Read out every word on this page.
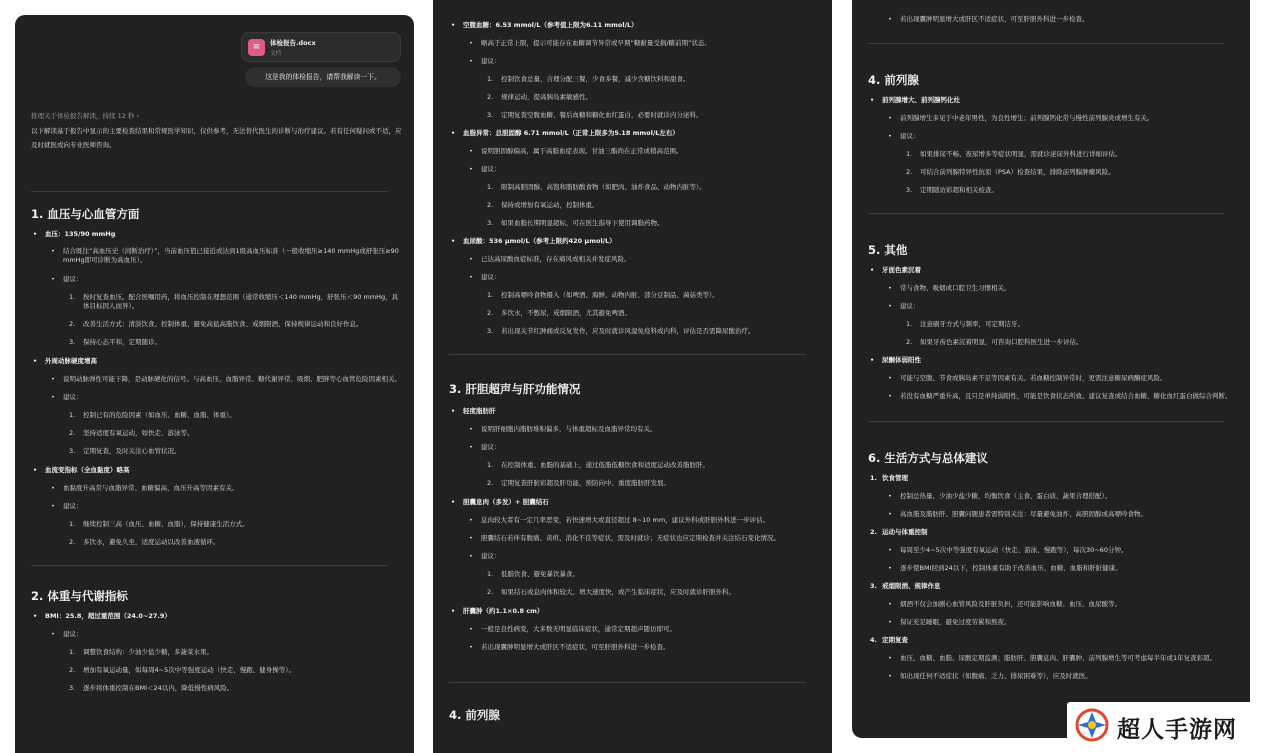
≡	体检报告.docx
文档
这是我的体检报告，请帮我解读一下。
推理关于体检报告解读，持续 12 秒 ›
以下解读基于报告中显示的主要检查结果和常规医学知识，仅供参考，无法替代医生的诊断与治疗建议。若有任何疑问或不适，应及时就医或向专业医师咨询。
1. 血压与心血管方面
• 血压：135/90 mmHg
• 结合既往“高血压史（间断治疗）”，当前血压值已接近或达到1级高血压标准（一般收缩压≥140 mmHg或舒张压≥90 mmHg即可诊断为高血压）。
• 建议：
1. 按时复查血压。配合医嘱用药，将血压控制在理想范围（通常收缩压＜140 mmHg，舒张压＜90 mmHg，具体目标因人而异）。
2. 改善生活方式：清淡饮食、控制体重、避免高盐高脂饮食、戒烟限酒、保持规律运动和良好作息。
3. 保持心态平和，定期随诊。
• 外周动脉硬度增高
• 说明动脉弹性可能下降，是动脉硬化的信号。与高血压、血脂异常、糖代谢异常、吸烟、肥胖等心血管危险因素相关。
• 建议：
1. 控制已有的危险因素（如血压、血糖、血脂、体重）。
2. 坚持适度有氧运动，如快走、游泳等。
3. 定期复查，及时关注心血管状况。
• 血流变指标（全血黏度）略高
• 血黏度升高常与血脂异常、血糖偏高、血压升高等因素有关。
• 建议：
1. 继续控制三高（血压、血糖、血脂），保持健康生活方式。
2. 多饮水，避免久坐，适度运动以改善血液循环。
2. 体重与代谢指标
• BMI：25.8，超过重范围（24.0~27.9）
• 建议：
1. 调整饮食结构：少油少盐少糖，多蔬菜水果。
2. 增加有氧运动量，如每周4~5次中等强度运动（快走、慢跑、健身操等）。
3. 逐步将体重控制在BMI＜24以内，降低慢性病风险。
• 空腹血糖：6.53 mmol/L（参考值上限为6.11 mmol/L）
• 略高于正常上限，提示可能存在血糖调节异常或早期“糖耐量受损/糖前期”状态。
• 建议：
1. 控制饮食总量、合理分配三餐，少食多餐，减少含糖饮料和甜食。
2. 规律运动，提高胰岛素敏感性。
3. 定期复查空腹血糖、餐后血糖和糖化血红蛋白，必要时就诊内分泌科。
• 血脂异常：总胆固醇 6.71 mmol/L（正常上限多为5.18 mmol/L左右）
• 说明胆固醇偏高，属于高脂血症表现。甘油三酯尚在正常或稍高范围。
• 建议：
1. 限制高胆固醇、高饱和脂肪酸食物（如肥肉、油炸食品、动物内脏等）。
2. 保持或增加有氧运动，控制体重。
3. 如果血脂长期明显超标，可在医生指导下使用调脂药物。
• 血尿酸：536 μmol/L（参考上限约420 μmol/L）
• 已达高尿酸血症标准，存在痛风或相关并发症风险。
• 建议：
1. 控制高嘌呤食物摄入（如啤酒、海鲜、动物内脏、部分豆制品、菌菇类等）。
2. 多饮水，不憋尿，戒烟限酒，尤其避免啤酒。
3. 若出现关节红肿痛或反复发作，应及时就诊风湿免疫科或内科，评估是否需降尿酸治疗。
3. 肝胆超声与肝功能情况
• 轻度脂肪肝
• 说明肝细胞内脂肪堆积偏多，与体重超标及血脂异常均有关。
• 建议：
1. 在控制体重、血脂的基础上，通过低脂低糖饮食和适度运动改善脂肪肝。
2. 定期复查肝脏彩超及肝功能，预防向中、重度脂肪肝发展。
• 胆囊息肉（多发）+ 胆囊结石
• 息肉较大者有一定几率恶变，若快速增大或直径超过 8~10 mm，建议外科或肝胆外科进一步评估。
• 胆囊结石若伴有腹痛、黄疸、消化不良等症状，需及时就诊；无症状也应定期检查并关注结石变化情况。
• 建议：
1. 低脂饮食、避免暴饮暴食。
2. 如果结石或息肉体积较大、增大速度快，或产生临床症状，应及时就诊肝胆外科。
• 肝囊肿（约1.1×0.8 cm）
• 一般是良性病变，大多数无明显临床症状，通常定期超声随访即可。
• 若出现囊肿明显增大或肝区不适症状，可至肝胆外科进一步检查。
4. 前列腺
• 若出现囊肿明显增大或肝区不适症状，可至肝胆外科进一步检查。
4. 前列腺
• 前列腺增大、前列腺钙化灶
• 前列腺增生多见于中老年男性，为良性增生；前列腺钙化常与慢性前列腺炎或增生有关。
• 建议：
1. 如果排尿不畅、夜尿增多等症状明显，需就诊泌尿外科进行详细评估。
2. 可结合前列腺特异性抗原（PSA）检查结果，排除前列腺肿瘤风险。
3. 定期随访彩超和相关检查。
5. 其他
• 牙面色素沉着
• 常与食物、吸烟或口腔卫生习惯相关。
• 建议：
1. 注意刷牙方式与频率，可定期洁牙。
2. 如果牙齿色素沉着明显，可咨询口腔科医生进一步评估。
• 尿酮体弱阳性
• 可能与空腹、节食或胰岛素不足等因素有关。若血糖控制异常时，更需注意糖尿病酮症风险。
• 若没有血糖严重升高，且只是单纯弱阳性，可能是饮食状态所致。建议复查或结合血糖、糖化血红蛋白做综合判断。
6. 生活方式与总体建议
1. 饮食管理
• 控制总热量、少油少盐少糖，均衡饮食（主食、蛋白质、蔬果合理搭配）。
• 高血脂及脂肪肝、胆囊问题患者需特别关注：尽量避免油炸、高胆固醇或高嘌呤食物。
2. 运动与体重控制
• 每周至少4~5次中等强度有氧运动（快走、游泳、慢跑等），每次30~60分钟。
• 逐步使BMI回到24以下，控制体重有助于改善血压、血糖、血脂和肝脏健康。
3. 戒烟限酒、规律作息
• 烟酒不仅会加剧心血管风险及肝脏负担，还可能影响血糖、血压、血尿酸等。
• 保证充足睡眠，避免过度劳累和熬夜。
4. 定期复查
• 血压、血糖、血脂、尿酸定期监测；脂肪肝、胆囊息肉、肝囊肿、前列腺增生等可考虑每半年或1年复查彩超。
• 如出现任何不适症状（如腹痛、乏力、排尿困难等），应及时就医。
超人手游网
